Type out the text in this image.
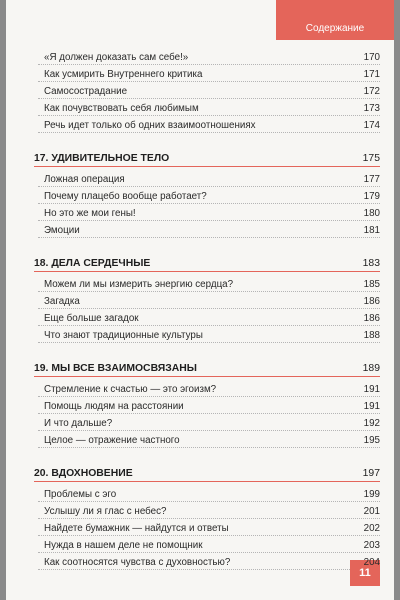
Содержание
«Я должен доказать сам себе!»	170
Как усмирить Внутреннего критика	171
Самосострадание	172
Как почувствовать себя любимым	173
Речь идет только об одних взаимоотношениях	174
17. УДИВИТЕЛЬНОЕ ТЕЛО	175
Ложная операция	177
Почему плацебо вообще работает?	179
Но это же мои гены!	180
Эмоции	181
18. ДЕЛА СЕРДЕЧНЫЕ	183
Можем ли мы измерить энергию сердца?	185
Загадка	186
Еще больше загадок	186
Что знают традиционные культуры	188
19. МЫ ВСЕ ВЗАИМОСВЯЗАНЫ	189
Стремление к счастью — это эгоизм?	191
Помощь людям на расстоянии	191
И что дальше?	192
Целое — отражение частного	195
20. ВДОХНОВЕНИЕ	197
Проблемы с эго	199
Услышу ли я глас с небес?	201
Найдете бумажник — найдутся и ответы	202
Нужда в нашем деле не помощник	203
Как соотносятся чувства с духовностью?	204
11
